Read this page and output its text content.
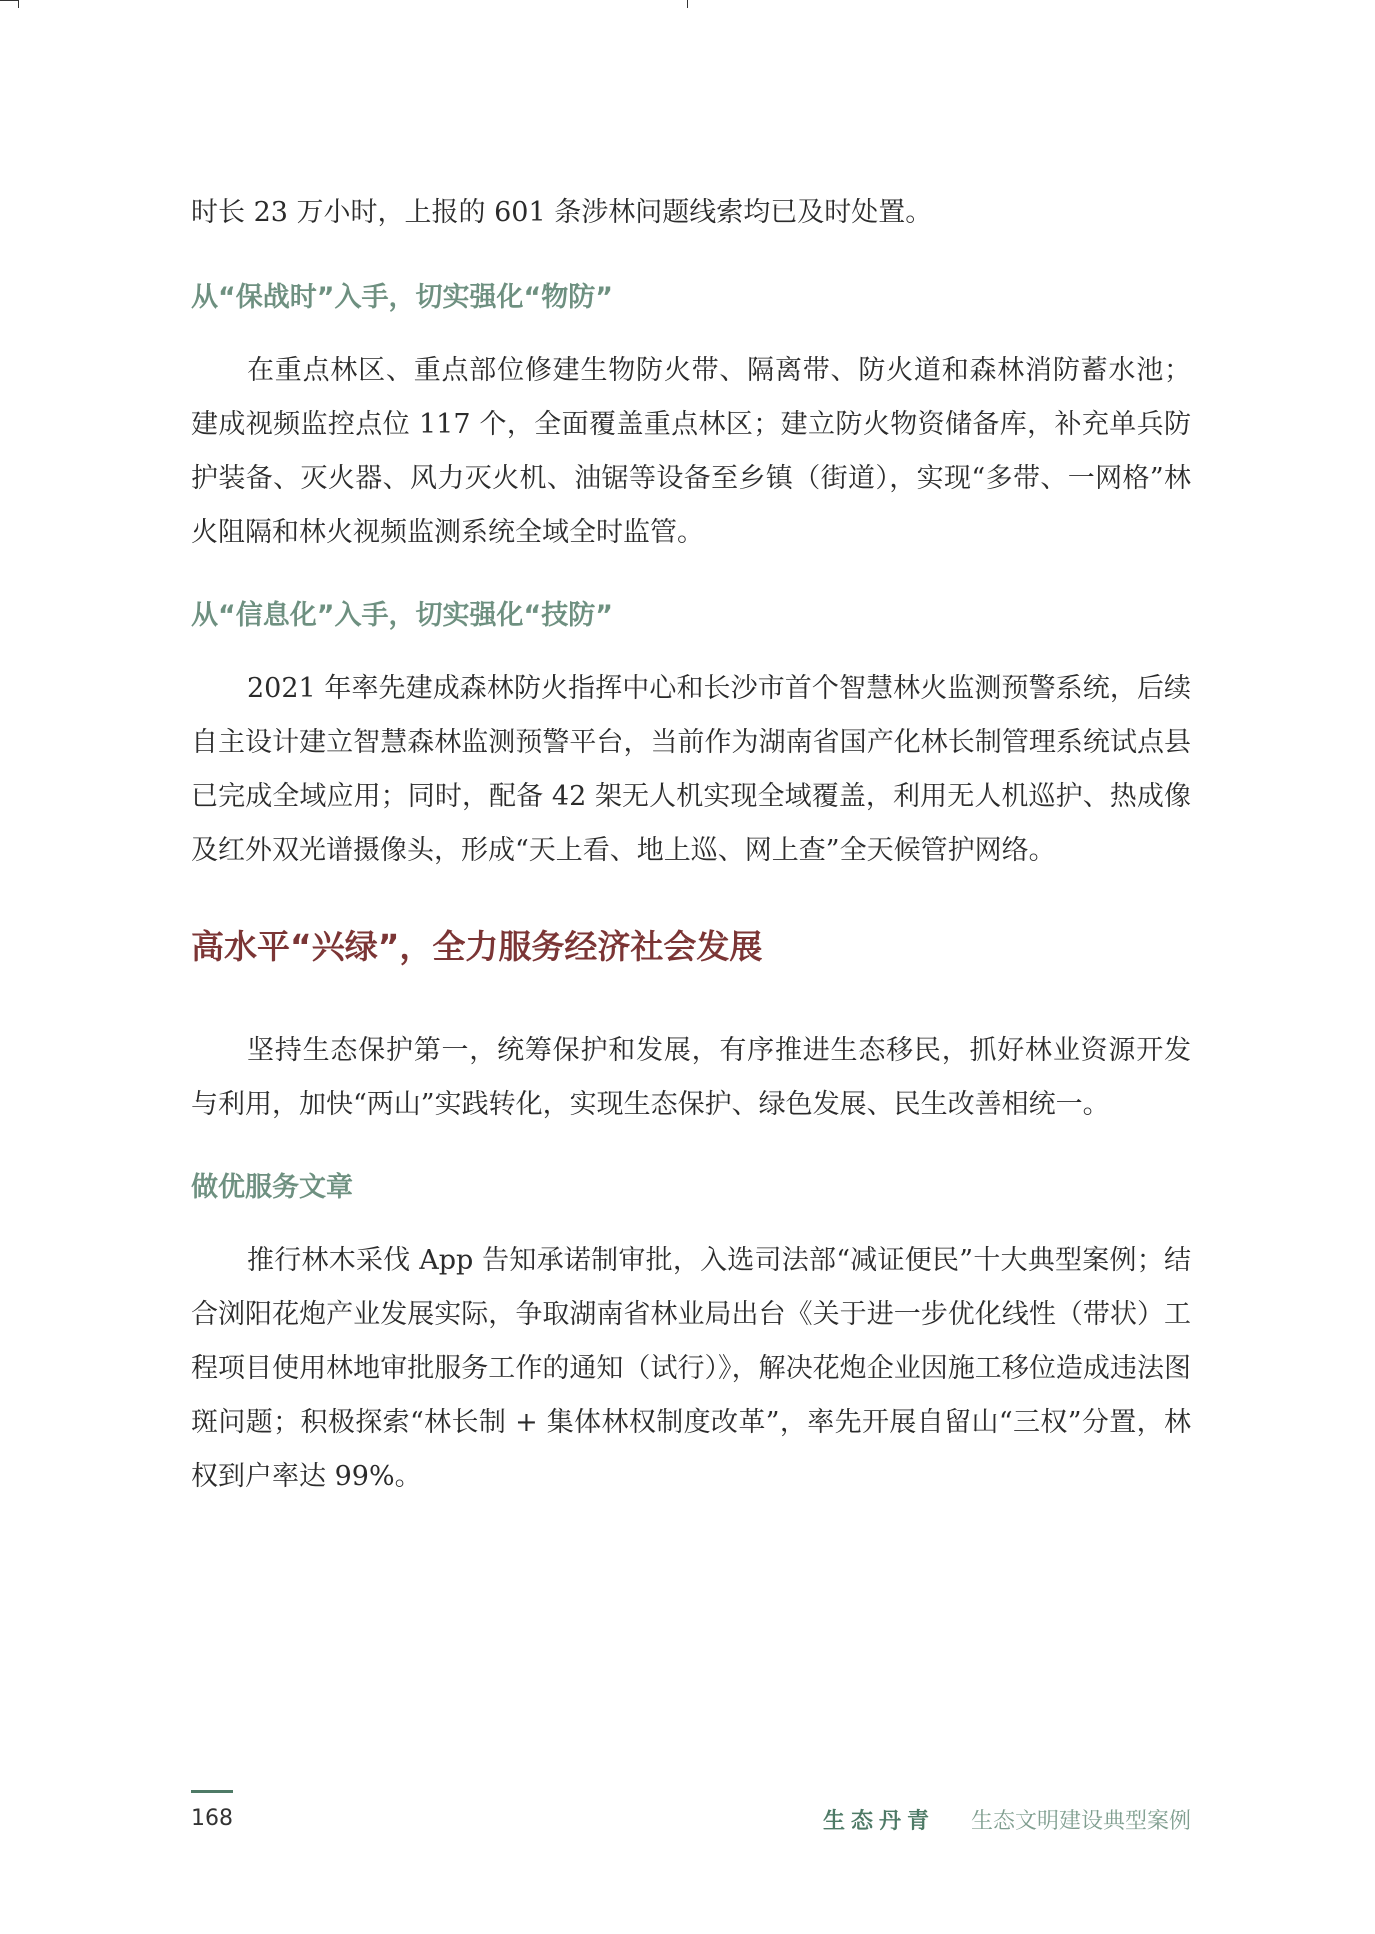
时长 23 万小时，上报的 601 条涉林问题线索均已及时处置。

从“保战时”入手，切实强化“物防”

在重点林区、重点部位修建生物防火带、隔离带、防火道和森林消防蓄水池；建成视频监控点位 117 个，全面覆盖重点林区；建立防火物资储备库，补充单兵防护装备、灭火器、风力灭火机、油锯等设备至乡镇（街道），实现“多带、一网格”林火阻隔和林火视频监测系统全域全时监管。

从“信息化”入手，切实强化“技防”

2021 年率先建成森林防火指挥中心和长沙市首个智慧林火监测预警系统，后续自主设计建立智慧森林监测预警平台，当前作为湖南省国产化林长制管理系统试点县已完成全域应用；同时，配备 42 架无人机实现全域覆盖，利用无人机巡护、热成像及红外双光谱摄像头，形成“天上看、地上巡、网上查”全天候管护网络。

高水平“兴绿”，全力服务经济社会发展

坚持生态保护第一，统筹保护和发展，有序推进生态移民，抓好林业资源开发与利用，加快“两山”实践转化，实现生态保护、绿色发展、民生改善相统一。

做优服务文章

推行林木采伐 App 告知承诺制审批，入选司法部“减证便民”十大典型案例；结合浏阳花炮产业发展实际，争取湖南省林业局出台《关于进一步优化线性（带状）工程项目使用林地审批服务工作的通知（试行）》，解决花炮企业因施工移位造成违法图斑问题；积极探索“林长制 + 集体林权制度改革”，率先开展自留山“三权”分置，林权到户率达 99%。

168	生态丹青 生态文明建设典型案例
